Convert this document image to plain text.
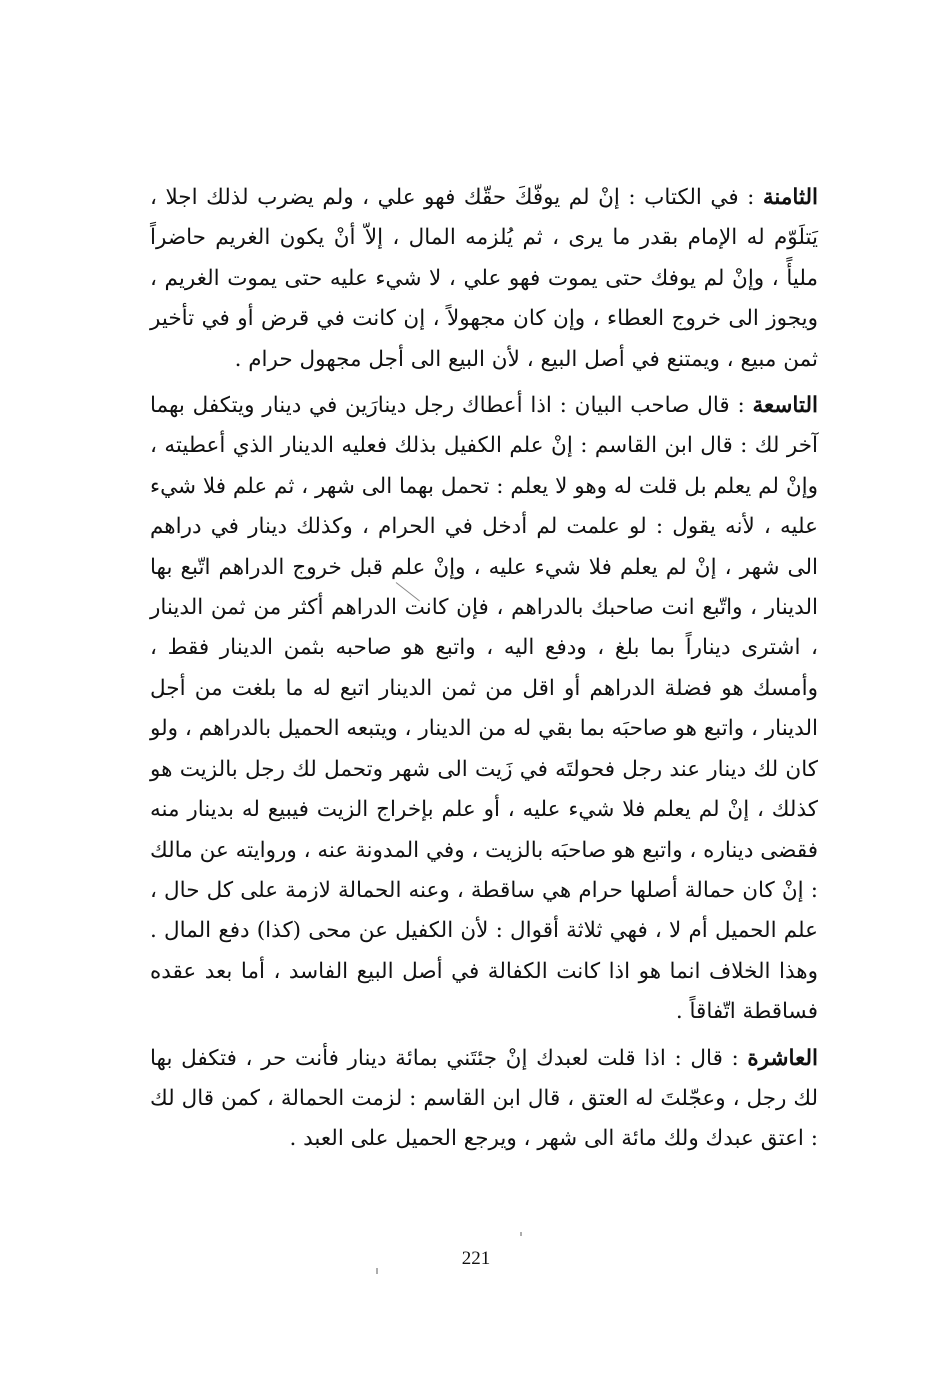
الثامنة : في الكتاب : إنْ لم يوفّكَ حقّك فهو علي ، ولم يضرب لذلك اجلا ، يَتلَوّم له الإمام بقدر ما يرى ، ثم يُلزمه المال ، إلاّ أنْ يكون الغريم حاضراً مليأً ، وإنْ لم يوفك حتى يموت فهو علي ، لا شيء عليه حتى يموت الغريم ، ويجوز الى خروج العطاء ، وإن كان مجهولاً ، إن كانت في قرض أو في تأخير ثمن مبيع ، ويمتنع في أصل البيع ، لأن البيع الى أجل مجهول حرام .

التاسعة : قال صاحب البيان : اذا أعطاك رجل دينارَين في دينار ويتكفل بهما آخر لك : قال ابن القاسم : إنْ علم الكفيل بذلك فعليه الدينار الذي أعطيته ، وإنْ لم يعلم بل قلت له وهو لا يعلم : تحمل بهما الى شهر ، ثم علم فلا شيء عليه ، لأنه يقول : لو علمت لم أدخل في الحرام ، وكذلك دينار في دراهم الى شهر ، إنْ لم يعلم فلا شيء عليه ، وإنْ علم قبل خروج الدراهم اتّبع بها الدينار ، واتّبع انت صاحبك بالدراهم ، فإن كانت الدراهم أكثر من ثمن الدينار ، اشترى ديناراً بما بلغ ، ودفع اليه ، واتبع هو صاحبه بثمن الدينار فقط ، وأمسك هو فضلة الدراهم أو اقل من ثمن الدينار اتبع له ما بلغت من أجل الدينار ، واتبع هو صاحبَه بما بقي له من الدينار ، ويتبعه الحميل بالدراهم ، ولو كان لك دينار عند رجل فحولتَه في زَيت الى شهر وتحمل لك رجل بالزيت هو كذلك ، إنْ لم يعلم فلا شيء عليه ، أو علم بإخراج الزيت فيبيع له بدينار منه فقضى ديناره ، واتبع هو صاحبَه بالزيت ، وفي المدونة عنه ، وروايته عن مالك : إنْ كان حمالة أصلها حرام هي ساقطة ، وعنه الحمالة لازمة على كل حال ، علم الحميل أم لا ، فهي ثلاثة أقوال : لأن الكفيل عن محى (كذا) دفع المال . وهذا الخلاف انما هو اذا كانت الكفالة في أصل البيع الفاسد ، أما بعد عقده فساقطة اتّفاقاً .

العاشرة : قال : اذا قلت لعبدك إنْ جئتَني بمائة دينار فأنت حر ، فتكفل بها لك رجل ، وعجّلتَ له العتق ، قال ابن القاسم : لزمت الحمالة ، كمن قال لك : اعتق عبدك ولك مائة الى شهر ، ويرجع الحميل على العبد .

221
